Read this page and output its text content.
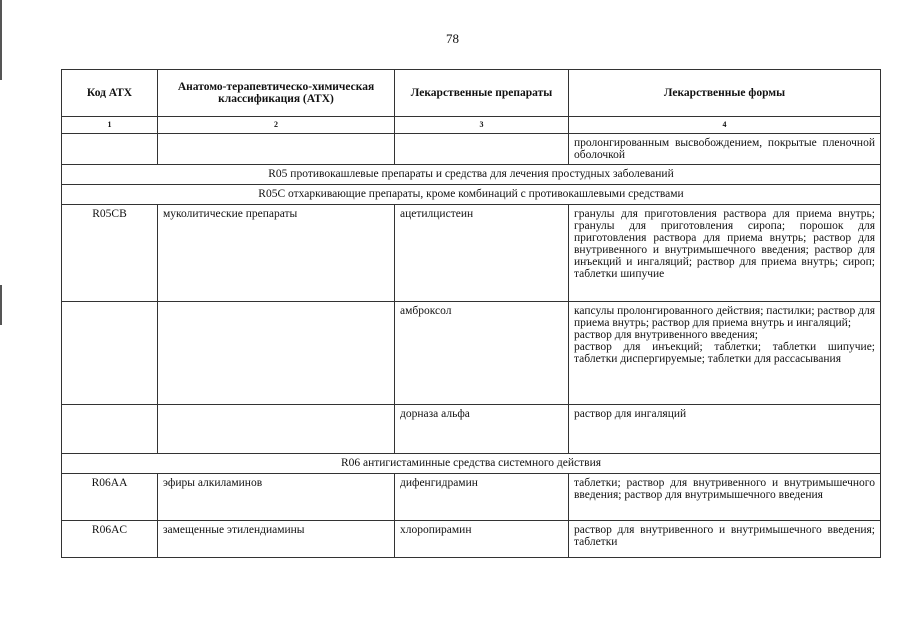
78
Код АТХ	Анатомо-терапевтическо-химическая классификация (АТХ)	Лекарственные препараты	Лекарственные формы
1	2	3	4
			пролонгированным высвобождением, покрытые пленочной оболочкой
R05 противокашлевые препараты и средства для лечения простудных заболеваний			
R05C отхаркивающие препараты, кроме комбинаций с противокашлевыми средствами			
R05CB	муколитические препараты	ацетилцистеин	гранулы для приготовления раствора для приема внутрь; гранулы для приготовления сиропа; порошок для приготовления раствора для приема внутрь; раствор для внутривенного и внутримышечного введения; раствор для инъекций и ингаляций; раствор для приема внутрь; сироп; таблетки шипучие
		амброксол	капсулы пролонгированного действия; пастилки; раствор для приема внутрь; раствор для приема внутрь и ингаляций;
раствор для внутривенного введения;
раствор для инъекций; таблетки; таблетки шипучие; таблетки диспергируемые; таблетки для рассасывания

		дорназа альфа	раствор для ингаляций
R06 антигистаминные средства системного действия			
R06AA	эфиры алкиламинов	дифенгидрамин	таблетки; раствор для внутривенного и внутримышечного введения; раствор для внутримышечного введения
R06AC	замещенные этилендиамины	хлоропирамин	раствор для внутривенного и внутримышечного введения; таблетки
